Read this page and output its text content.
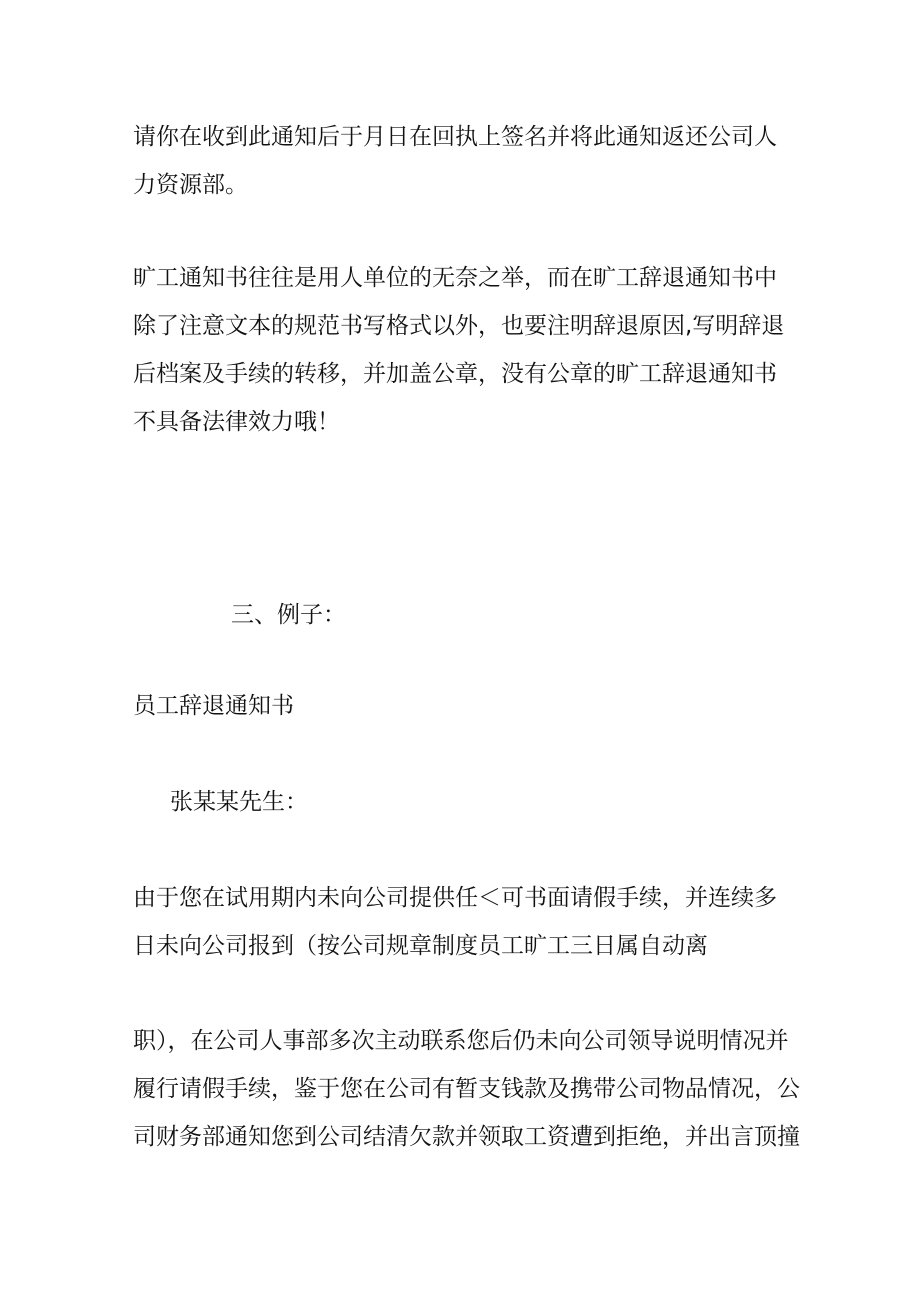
请你在收到此通知后于月日在回执上签名并将此通知返还公司人
力资源部。

旷工通知书往往是用人单位的无奈之举，而在旷工辞退通知书中
除了注意文本的规范书写格式以外，也要注明辞退原因,写明辞退
后档案及手续的转移，并加盖公章，没有公章的旷工辞退通知书
不具备法律效力哦！

三、例子：

员工辞退通知书

张某某先生：

由于您在试用期内未向公司提供任＜可书面请假手续，并连续多
日未向公司报到（按公司规章制度员工旷工三日属自动离

职），在公司人事部多次主动联系您后仍未向公司领导说明情况并
履行请假手续，鉴于您在公司有暂支钱款及携带公司物品情况，公
司财务部通知您到公司结清欠款并领取工资遭到拒绝，并出言顶撞
